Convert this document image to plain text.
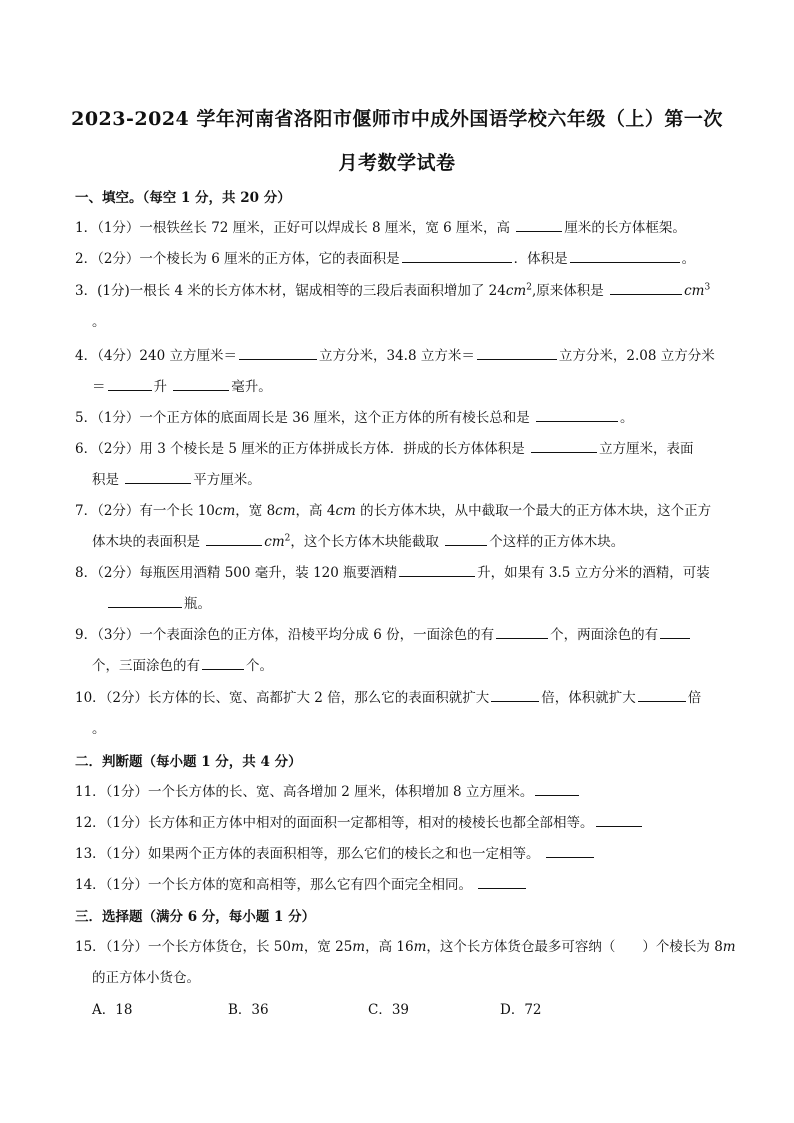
2023-2024 学年河南省洛阳市偃师市中成外国语学校六年级（上）第一次
月考数学试卷
一、填空。（每空 1 分，共 20 分）
1．（1分）一根铁丝长 72 厘米，正好可以焊成长 8 厘米，宽 6 厘米，高	厘米的长方体框架。
2．（2分）一个棱长为 6 厘米的正方体，它的表面积是	．体积是	。
3．(1分)一根长 4 米的长方体木材，锯成相等的三段后表面积增加了 $24cm^2$,原来体积是	$cm^3$
。
4．（4分）240 立方厘米＝	立方分米，34.8 立方米＝	立方分米，2.08 立方分米
＝	升	毫升。
5．（1分）一个正方体的底面周长是 36 厘米，这个正方体的所有棱长总和是	。
6．（2分）用 3 个棱长是 5 厘米的正方体拼成长方体．拼成的长方体体积是	立方厘米，表面
积是	平方厘米。
7．（2分）有一个长 10cm，宽 8cm，高 4cm 的长方体木块，从中截取一个最大的正方体木块，这个正方
体木块的表面积是	$cm^2$，这个长方体木块能截取	个这样的正方体木块。
8．（2分）每瓶医用酒精 500 毫升，装 120 瓶要酒精	升，如果有 3.5 立方分米的酒精，可装
瓶。
9．（3分）一个表面涂色的正方体，沿棱平均分成 6 份，一面涂色的有	个，两面涂色的有
个，三面涂色的有	个。
10．（2分）长方体的长、宽、高都扩大 2 倍，那么它的表面积就扩大	倍，体积就扩大	倍
。
二．判断题（每小题 1 分，共 4 分）
11．（1分）一个长方体的长、宽、高各增加 2 厘米，体积增加 8 立方厘米。
12．（1分）长方体和正方体中相对的面面积一定都相等，相对的棱棱长也都全部相等。
13．（1分）如果两个正方体的表面积相等，那么它们的棱长之和也一定相等。
14．（1分）一个长方体的宽和高相等，那么它有四个面完全相同。
三．选择题（满分 6 分，每小题 1 分）
15．（1分）一个长方体货仓，长 50m，宽 25m，高 16m，这个长方体货仓最多可容纳（　　）个棱长为 8m
的正方体小货仓。
A．18	B．36	C．39	D．72
